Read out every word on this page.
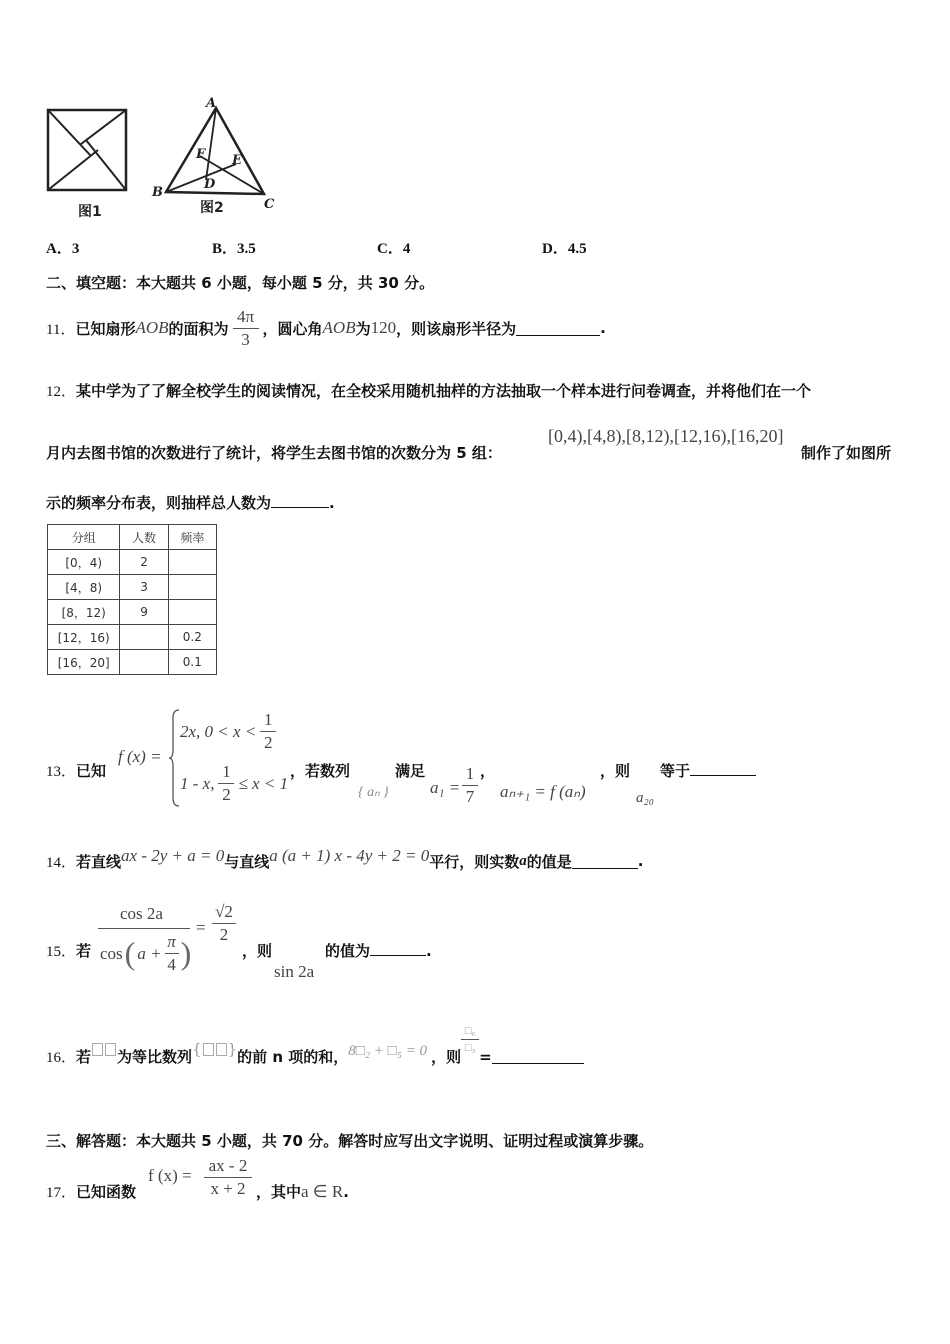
图1
A
B
C
D
E
F
图2
A．3	B．3.5	C．4	D．4.5
二、填空题：本大题共 6 小题，每小题 5 分，共 30 分。
11． 已知扇形 AOB 的面积为 $\frac{4\pi}{3}$ ，圆心角 AOB 为 120 ，则该扇形半径为	.
12．某中学为了了解全校学生的阅读情况，在全校采用随机抽样的方法抽取一个样本进行问卷调查，并将他们在一个
月内去图书馆的次数进行了统计，将学生去图书馆的次数分为 5 组：
[0,4),[4,8),[8,12),[12,16),[16,20]
制作了如图所
示的频率分布表，则抽样总人数为	.
分组	人数	频率
[0，4)	2	
[4，8)	3	
[8，12)	9	
[12，16)		0.2
[16，20]		0.1
13．已知
f (x) =
2x, $0 < x < \frac{1}{2}$
1 - x, $\frac{1}{2} \le x < 1$
，若数列	满足
{ aₙ } a₁ =
1
7
，
aₙ₊₁ = f (aₙ)
，则
a₂₀
等于
14． 若直线 ax - 2y + a = 0 与直线 a (a + 1) x - 4y + 2 = 0 平行，则实数 a 的值是	.
15．若
cos 2a
cos ( $a + \frac{\pi}{4}$ )
=
√2
2
，则
sin 2a
的值为	.
16． 若 为等比数列 { } 的前 n 项的和， 8□₂ + □₅ = 0 ，则
$\frac{\text{□₆}}{\text{□₃}}$
=
三、解答题：本大题共 5 小题，共 70 分。解答时应写出文字说明、证明过程或演算步骤。
17．已知函数
f (x) =
ax - 2
x + 2 ，其中 a ∈ R .
